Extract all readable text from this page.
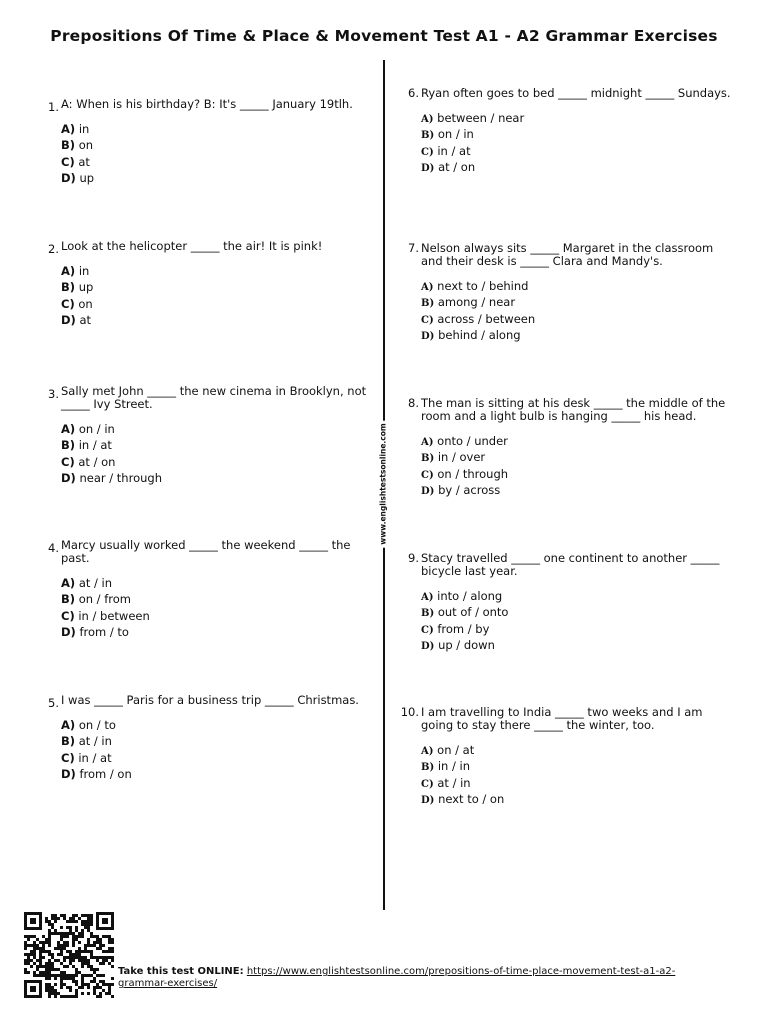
Prepositions Of Time & Place & Movement Test A1 - A2 Grammar Exercises
www.englishtestsonline.com
1. A: When is his birthday? B: It's _____ January 19tlh.

A) in
B) on
C) at
D) up
2. Look at the helicopter _____ the air! It is pink!

A) in
B) up
C) on
D) at
3. Sally met John _____ the new cinema in Brooklyn, not _____ Ivy Street.

A) on / in
B) in / at
C) at / on
D) near / through
4. Marcy usually worked _____ the weekend _____ the past.

A) at / in
B) on / from
C) in / between
D) from / to
5. I was _____ Paris for a business trip _____ Christmas.

A) on / to
B) at / in
C) in / at
D) from / on
6. Ryan often goes to bed _____ midnight _____ Sundays.

A) between / near
B) on / in
C) in / at
D) at / on
7. Nelson always sits _____ Margaret in the classroom and their desk is _____ Clara and Mandy's.

A) next to / behind
B) among / near
C) across / between
D) behind / along
8. The man is sitting at his desk _____ the middle of the room and a light bulb is hanging _____ his head.

A) onto / under
B) in / over
C) on / through
D) by / across
9. Stacy travelled _____ one continent to another _____ bicycle last year.

A) into / along
B) out of / onto
C) from / by
D) up / down
10. I am travelling to India _____ two weeks and I am going to stay there _____ the winter, too.

A) on / at
B) in / in
C) at / in
D) next to / on
Take this test ONLINE: https://www.englishtestsonline.com/prepositions-of-time-place-movement-test-a1-a2-grammar-exercises/
